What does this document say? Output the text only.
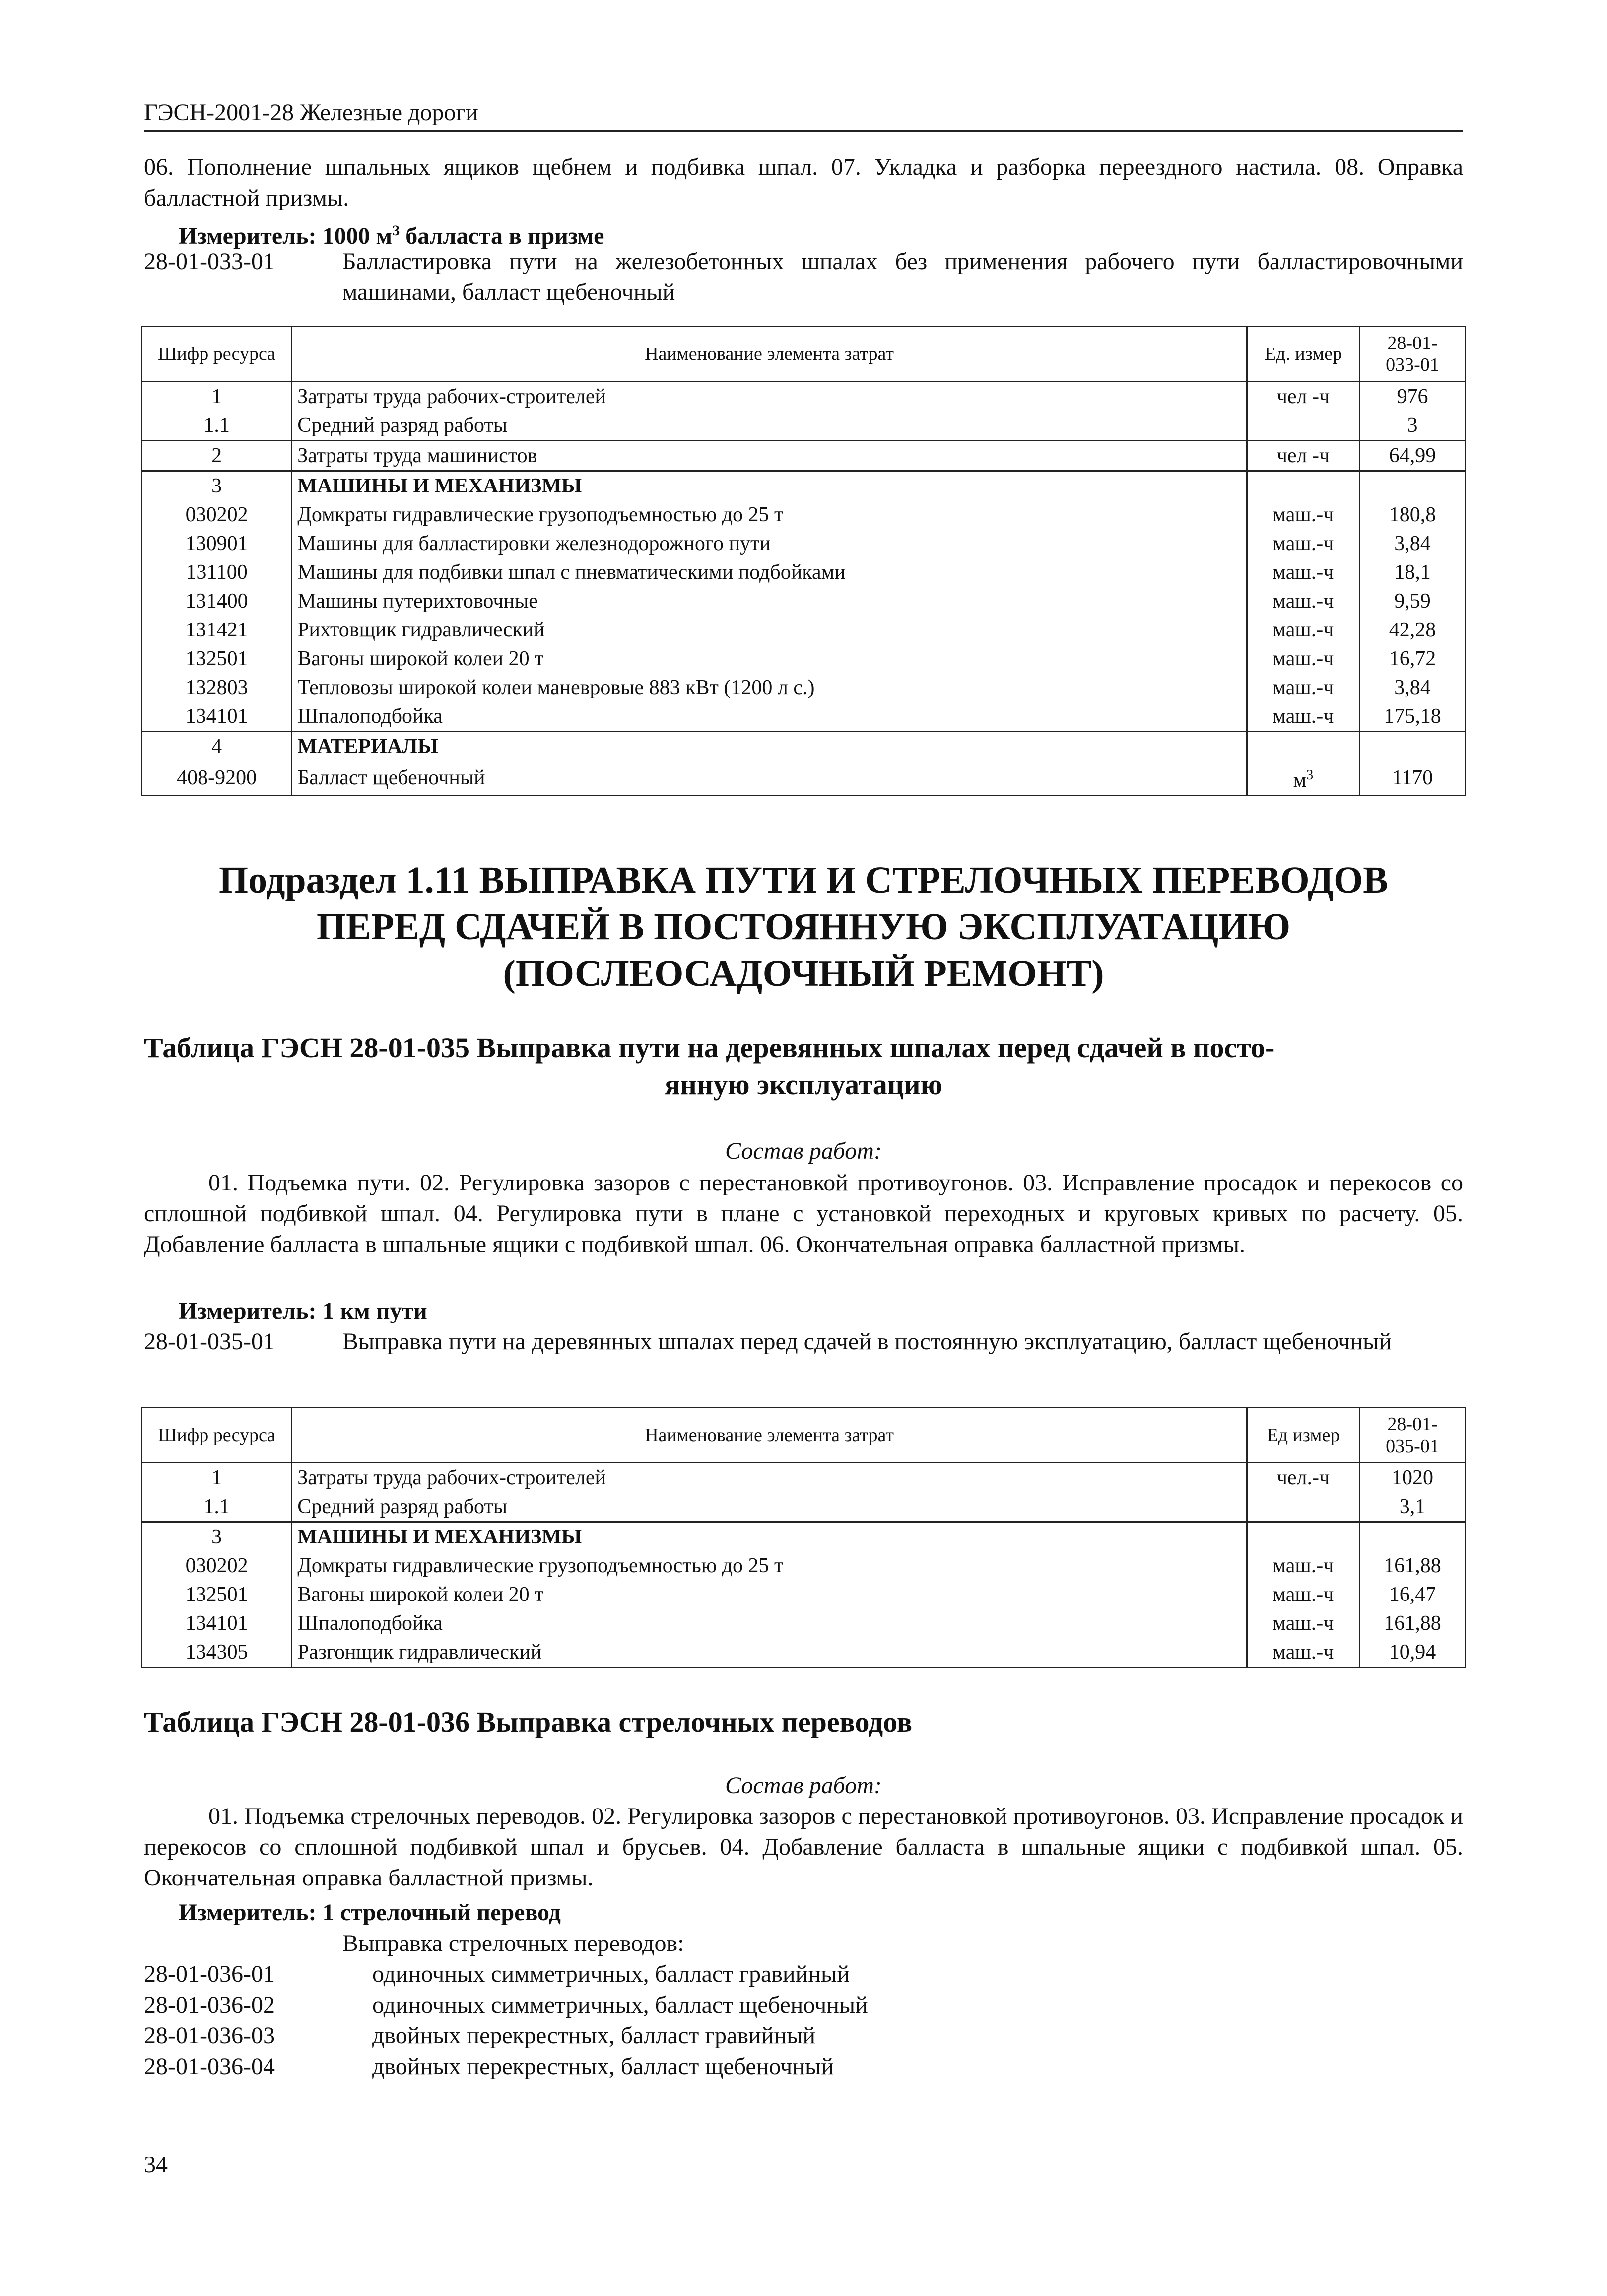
ГЭСН-2001-28 Железные дороги
06. Пополнение шпальных ящиков щебнем и подбивка шпал. 07. Укладка и разборка переездного настила. 08. Оправка балластной призмы.
Измеритель: 1000 $м^3$ балласта в призме
28-01-033-01	Балластировка пути на железобетонных шпалах без применения рабочего пути балластировочными машинами, балласт щебеночный
Шифр ресурса	Наименование элемента затрат	Ед. измер	28-01-
033-01
1	Затраты труда рабочих-строителей	чел -ч	976
1.1	Средний разряд работы		3
2	Затраты труда машинистов	чел -ч	64,99
3	МАШИНЫ И МЕХАНИЗМЫ		
030202	Домкраты гидравлические грузоподъемностью до 25 т	маш.-ч	180,8
130901	Машины для балластировки железнодорожного пути	маш.-ч	3,84
131100	Машины для подбивки шпал с пневматическими подбойками	маш.-ч	18,1
131400	Машины путерихтовочные	маш.-ч	9,59
131421	Рихтовщик гидравлический	маш.-ч	42,28
132501	Вагоны широкой колеи 20 т	маш.-ч	16,72
132803	Тепловозы широкой колеи маневровые 883 кВт (1200 л с.)	маш.-ч	3,84
134101	Шпалоподбойка	маш.-ч	175,18
4	МАТЕРИАЛЫ		
408-9200	Балласт щебеночный	$м^3$	1170
Подраздел 1.11 ВЫПРАВКА ПУТИ И СТРЕЛОЧНЫХ ПЕРЕВОДОВ
ПЕРЕД СДАЧЕЙ В ПОСТОЯННУЮ ЭКСПЛУАТАЦИЮ
(ПОСЛЕОСАДОЧНЫЙ РЕМОНТ)
Таблица ГЭСН 28-01-035 Выправка пути на деревянных шпалах перед сдачей в посто-
янную эксплуатацию
Состав работ:
01. Подъемка пути. 02. Регулировка зазоров с перестановкой противоугонов. 03. Исправление просадок и перекосов со сплошной подбивкой шпал. 04. Регулировка пути в плане с установкой переходных и круговых кривых по расчету. 05. Добавление балласта в шпальные ящики с подбивкой шпал. 06. Окончательная оправка балластной призмы.
Измеритель: 1 км пути
28-01-035-01	Выправка пути на деревянных шпалах перед сдачей в постоянную эксплуатацию, балласт щебеночный
Шифр ресурса	Наименование элемента затрат	Ед измер	28-01-
035-01
1	Затраты труда рабочих-строителей	чел.-ч	1020
1.1	Средний разряд работы		3,1
3	МАШИНЫ И МЕХАНИЗМЫ		
030202	Домкраты гидравлические грузоподъемностью до 25 т	маш.-ч	161,88
132501	Вагоны широкой колеи 20 т	маш.-ч	16,47
134101	Шпалоподбойка	маш.-ч	161,88
134305	Разгонщик гидравлический	маш.-ч	10,94
Таблица ГЭСН 28-01-036 Выправка стрелочных переводов
Состав работ:
01. Подъемка стрелочных переводов. 02. Регулировка зазоров с перестановкой противоугонов. 03. Исправление просадок и перекосов со сплошной подбивкой шпал и брусьев. 04. Добавление балласта в шпальные ящики с подбивкой шпал. 05. Окончательная оправка балластной призмы.
Измеритель: 1 стрелочный перевод
Выправка стрелочных переводов:
28-01-036-01	одиночных симметричных, балласт гравийный
28-01-036-02	одиночных симметричных, балласт щебеночный
28-01-036-03	двойных перекрестных, балласт гравийный
28-01-036-04	двойных перекрестных, балласт щебеночный
34
